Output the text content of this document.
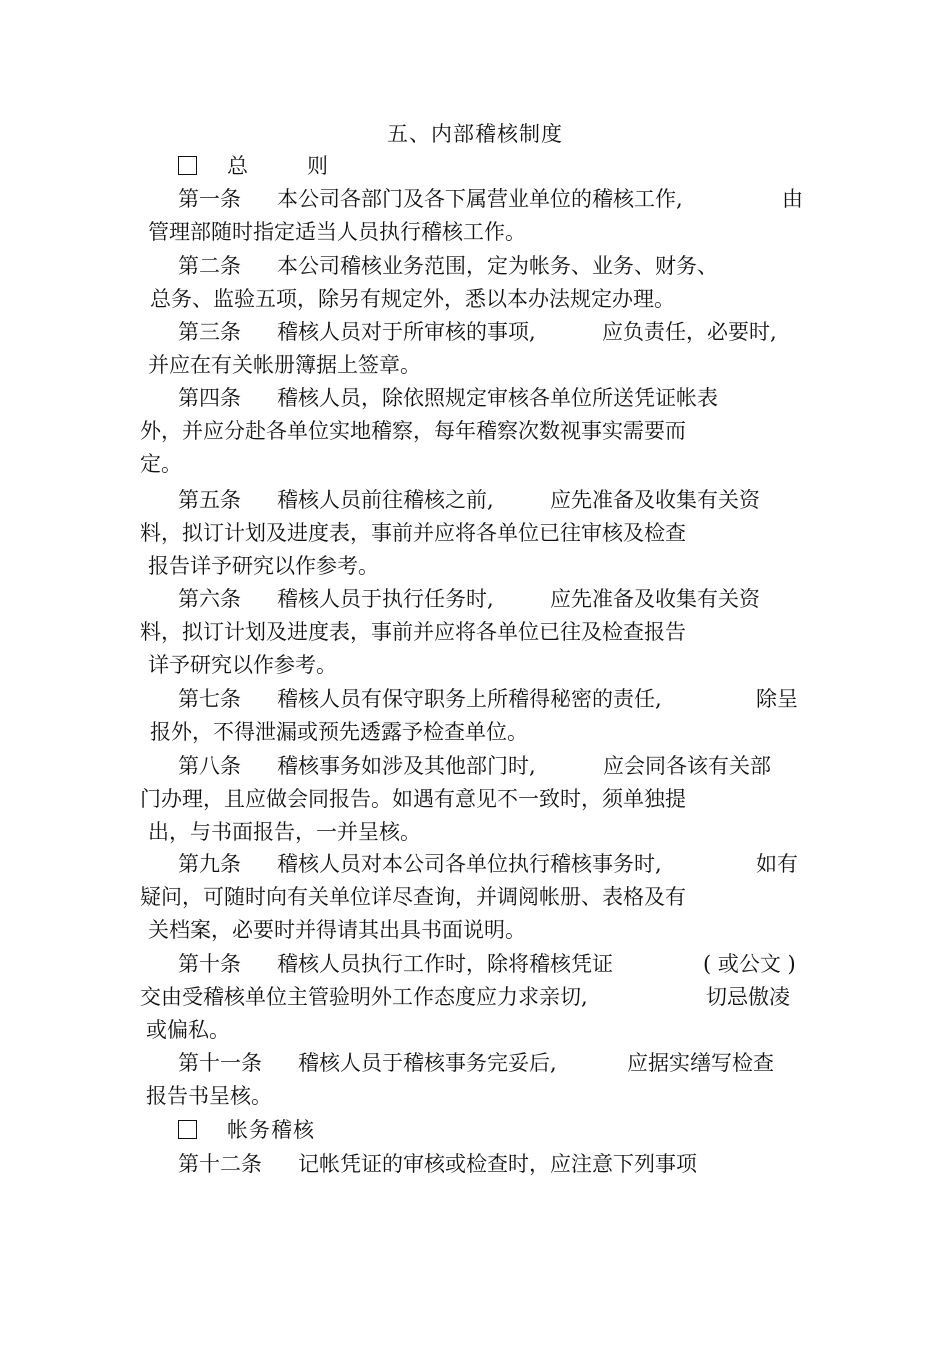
五、内部稽核制度
总	则
第一条 本公司各部门及各下属营业单位的稽核工作,	由
管理部随时指定适当人员执行稽核工作。
第二条 本公司稽核业务范围，定为帐务、业务、财务、
总务、监验五项，除另有规定外，悉以本办法规定办理。
第三条 稽核人员对于所审核的事项,	应负责任，必要时,
并应在有关帐册簿据上签章。
第四条 稽核人员，除依照规定审核各单位所送凭证帐表
外，并应分赴各单位实地稽察，每年稽察次数视事实需要而
定。
第五条 稽核人员前往稽核之前,	应先准备及收集有关资
料，拟订计划及进度表，事前并应将各单位已往审核及检查
报告详予研究以作参考。
第六条 稽核人员于执行任务时,	应先准备及收集有关资
料，拟订计划及进度表，事前并应将各单位已往及检查报告
详予研究以作参考。
第七条 稽核人员有保守职务上所稽得秘密的责任,	除呈
报外，不得泄漏或预先透露予检查单位。
第八条 稽核事务如涉及其他部门时,	应会同各该有关部
门办理，且应做会同报告。如遇有意见不一致时，须单独提
出，与书面报告，一并呈核。
第九条 稽核人员对本公司各单位执行稽核事务时,	如有
疑问，可随时向有关单位详尽查询，并调阅帐册、表格及有
关档案，必要时并得请其出具书面说明。
第十条 稽核人员执行工作时，除将稽核凭证	( 或公文 )
交由受稽核单位主管验明外工作态度应力求亲切,	切忌傲凌
或偏私。
第十一条 稽核人员于稽核事务完妥后,	应据实缮写检查
报告书呈核。
帐务稽核
第十二条 记帐凭证的审核或检查时，应注意下列事项
